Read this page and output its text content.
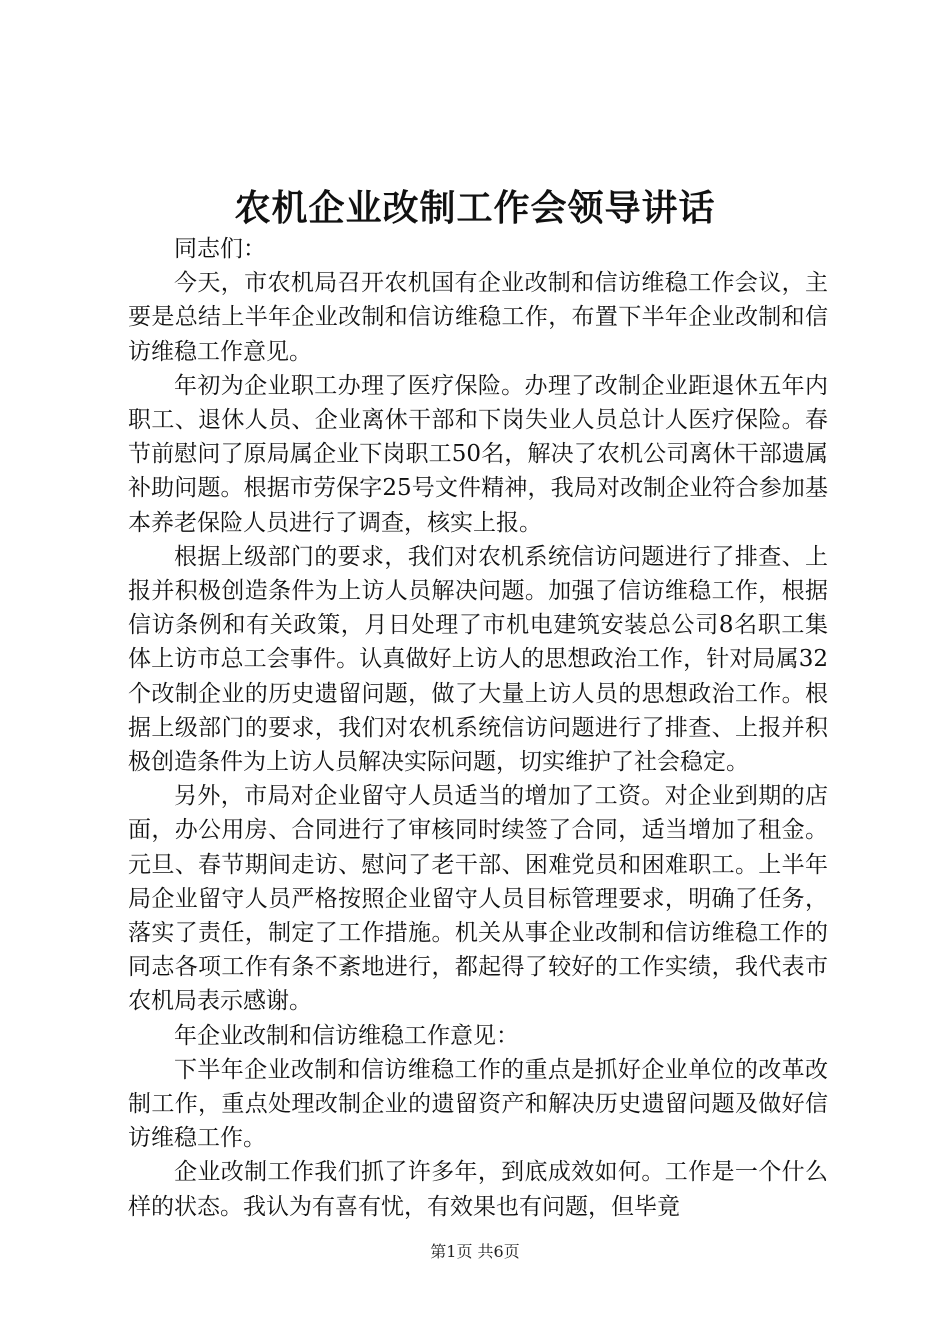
农机企业改制工作会领导讲话

同志们：

今天，市农机局召开农机国有企业改制和信访维稳工作会议，主要是总结上半年企业改制和信访维稳工作，布置下半年企业改制和信访维稳工作意见。

年初为企业职工办理了医疗保险。办理了改制企业距退休五年内职工、退休人员、企业离休干部和下岗失业人员总计人医疗保险。春节前慰问了原局属企业下岗职工50名，解决了农机公司离休干部遗属补助问题。根据市劳保字25号文件精神，我局对改制企业符合参加基本养老保险人员进行了调查，核实上报。

根据上级部门的要求，我们对农机系统信访问题进行了排查、上报并积极创造条件为上访人员解决问题。加强了信访维稳工作，根据信访条例和有关政策，月日处理了市机电建筑安装总公司8名职工集体上访市总工会事件。认真做好上访人的思想政治工作，针对局属32个改制企业的历史遗留问题，做了大量上访人员的思想政治工作。根据上级部门的要求，我们对农机系统信访问题进行了排查、上报并积极创造条件为上访人员解决实际问题，切实维护了社会稳定。

另外，市局对企业留守人员适当的增加了工资。对企业到期的店面，办公用房、合同进行了审核同时续签了合同，适当增加了租金。元旦、春节期间走访、慰问了老干部、困难党员和困难职工。上半年局企业留守人员严格按照企业留守人员目标管理要求，明确了任务，落实了责任，制定了工作措施。机关从事企业改制和信访维稳工作的同志各项工作有条不紊地进行，都起得了较好的工作实绩，我代表市农机局表示感谢。

年企业改制和信访维稳工作意见：

下半年企业改制和信访维稳工作的重点是抓好企业单位的改革改制工作，重点处理改制企业的遗留资产和解决历史遗留问题及做好信访维稳工作。

企业改制工作我们抓了许多年，到底成效如何。工作是一个什么样的状态。我认为有喜有忧，有效果也有问题，但毕竟

第1页 共6页
